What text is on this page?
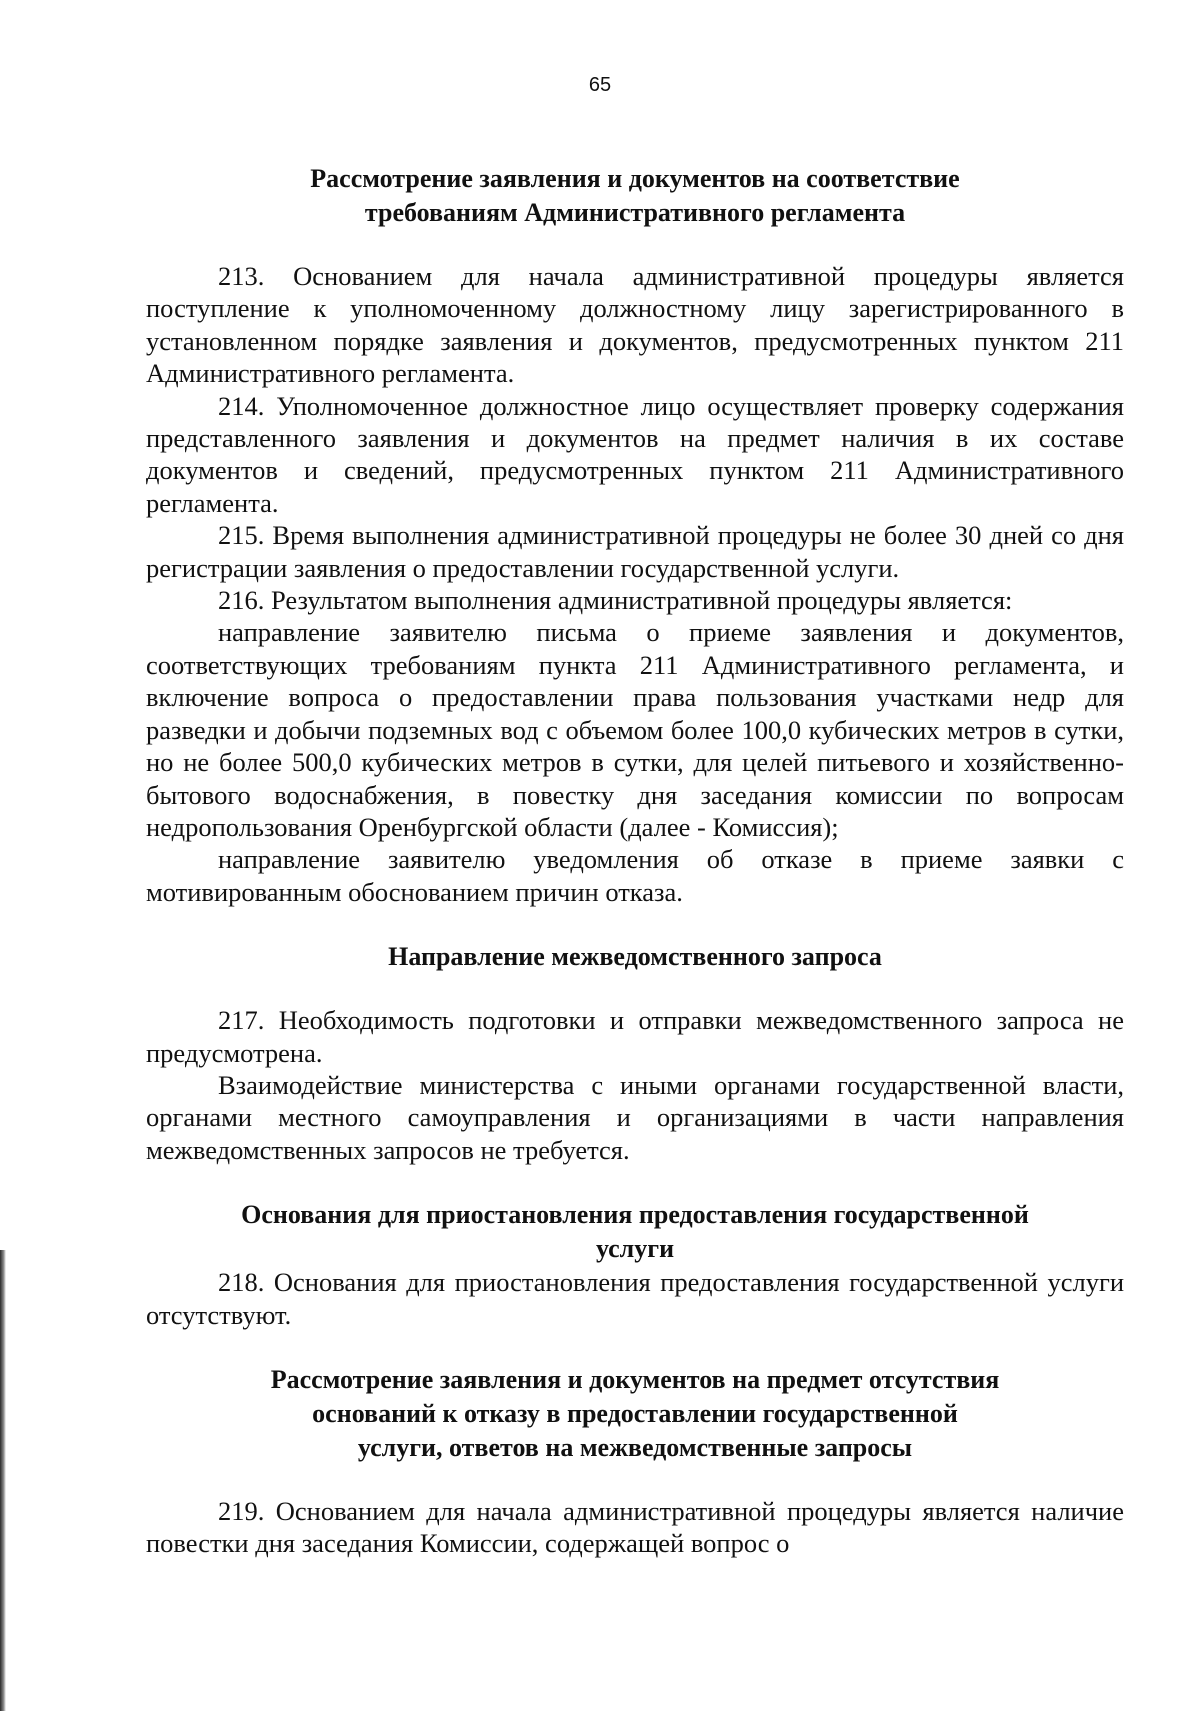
65
Рассмотрение заявления и документов на соответствие
требованиям Административного регламента

213. Основанием для начала административной процедуры является поступление к уполномоченному должностному лицу зарегистрированного в установленном порядке заявления и документов, предусмотренных пунктом 211 Административного регламента.

214. Уполномоченное должностное лицо осуществляет проверку содержания представленного заявления и документов на предмет наличия в их составе документов и сведений, предусмотренных пунктом 211 Административного регламента.

215. Время выполнения административной процедуры не более 30 дней со дня регистрации заявления о предоставлении государственной услуги.

216. Результатом выполнения административной процедуры является:

направление заявителю письма о приеме заявления и документов, соответствующих требованиям пункта 211 Административного регламента, и включение вопроса о предоставлении права пользования участками недр для разведки и добычи подземных вод с объемом более 100,0 кубических метров в сутки, но не более 500,0 кубических метров в сутки, для целей питьевого и хозяйственно-бытового водоснабжения, в повестку дня заседания комиссии по вопросам недропользования Оренбургской области (далее - Комиссия);

направление заявителю уведомления об отказе в приеме заявки с мотивированным обоснованием причин отказа.

Направление межведомственного запроса

217. Необходимость подготовки и отправки межведомственного запроса не предусмотрена.

Взаимодействие министерства с иными органами государственной власти, органами местного самоуправления и организациями в части направления межведомственных запросов не требуется.

Основания для приостановления предоставления государственной
услуги

218. Основания для приостановления предоставления государственной услуги отсутствуют.

Рассмотрение заявления и документов на предмет отсутствия
оснований к отказу в предоставлении государственной
услуги, ответов на межведомственные запросы

219. Основанием для начала административной процедуры является наличие повестки дня заседания Комиссии, содержащей вопрос о
